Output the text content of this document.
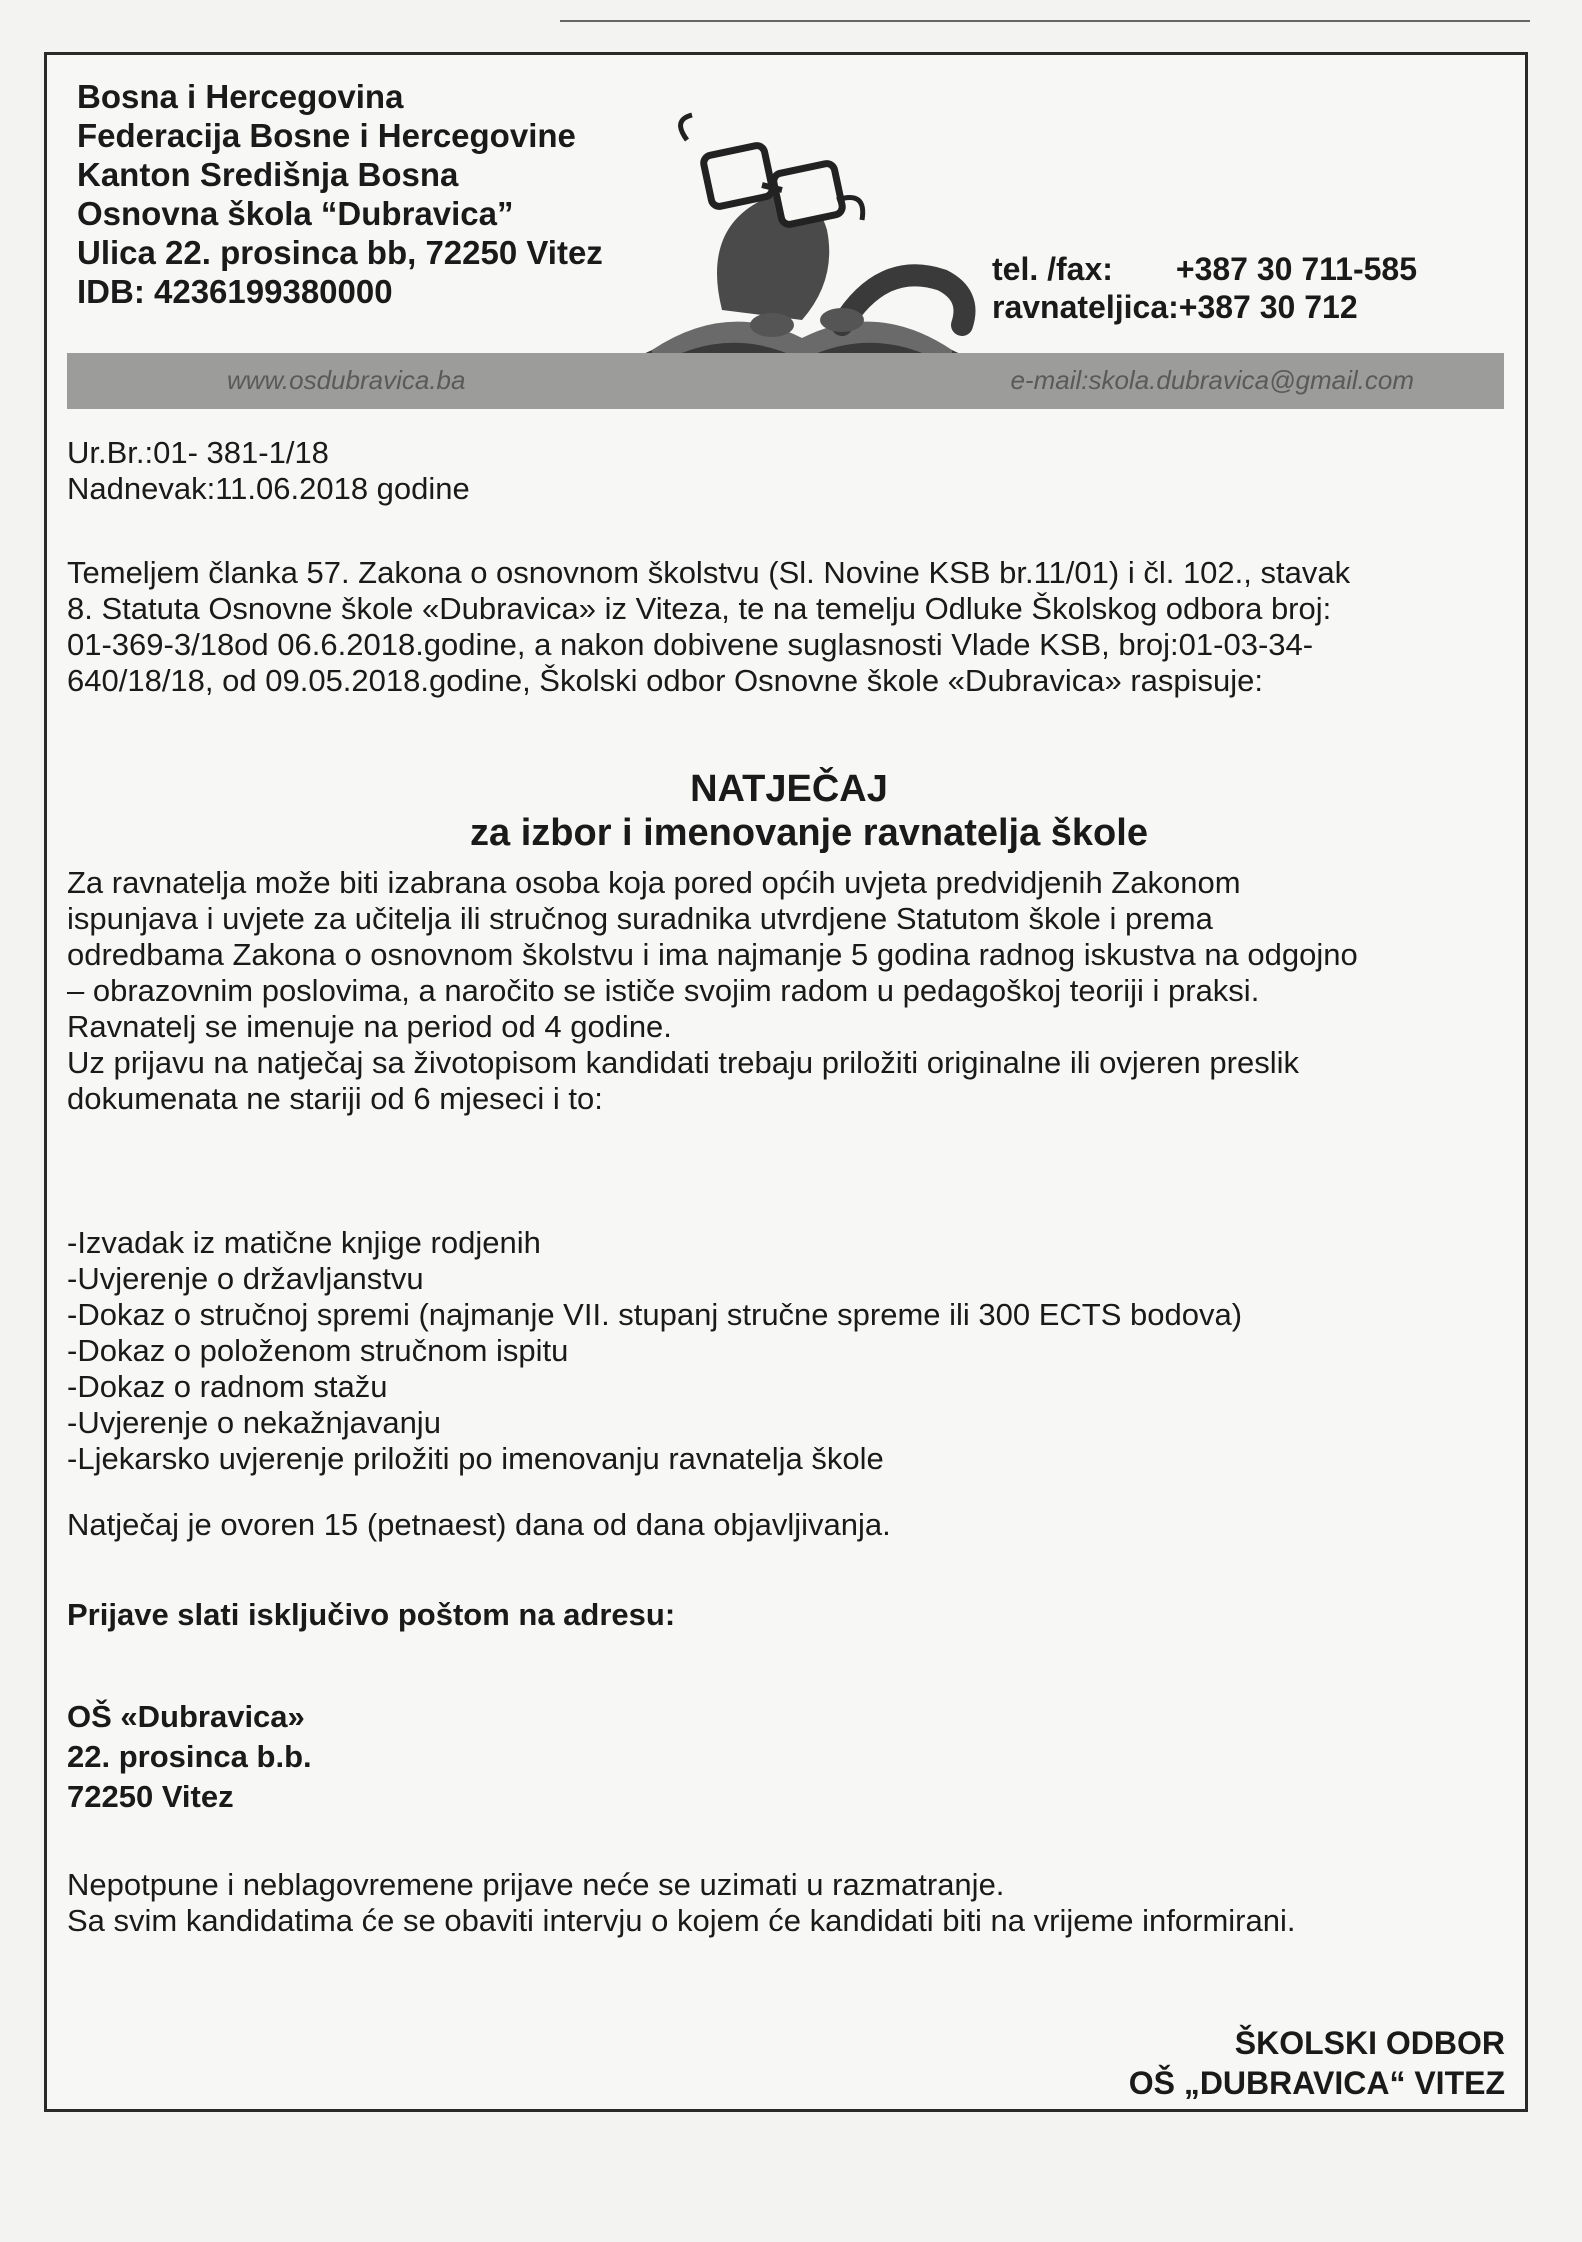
Bosna i Hercegovina
Federacija Bosne i Hercegovine
Kanton Središnja Bosna
Osnovna škola “Dubravica”
Ulica 22. prosinca bb, 72250 Vitez
IDB: 4236199380000
tel. /fax: +387 30 711-585
ravnateljica:+387 30 712
www.osdubravica.ba	e-mail:skola.dubravica@gmail.com
Ur.Br.:01- 381-1/18
Nadnevak:11.06.2018 godine
Temeljem članka 57. Zakona o osnovnom školstvu (Sl. Novine KSB br.11/01) i čl. 102., stavak
8. Statuta Osnovne škole «Dubravica» iz Viteza, te na temelju Odluke Školskog odbora broj:
01-369-3/18od 06.6.2018.godine, a nakon dobivene suglasnosti Vlade KSB, broj:01-03-34-
640/18/18, od 09.05.2018.godine, Školski odbor Osnovne škole «Dubravica» raspisuje:
NATJEČAJ
za izbor i imenovanje ravnatelja škole
Za ravnatelja može biti izabrana osoba koja pored općih uvjeta predvidjenih Zakonom
ispunjava i uvjete za učitelja ili stručnog suradnika utvrdjene Statutom škole i prema
odredbama Zakona o osnovnom školstvu i ima najmanje 5 godina radnog iskustva na odgojno
– obrazovnim poslovima, a naročito se ističe svojim radom u pedagoškoj teoriji i praksi.
Ravnatelj se imenuje na period od 4 godine.
Uz prijavu na natječaj sa životopisom kandidati trebaju priložiti originalne ili ovjeren preslik
dokumenata ne stariji od 6 mjeseci i to:
-Izvadak iz matične knjige rodjenih
-Uvjerenje o državljanstvu
-Dokaz o stručnoj spremi (najmanje VII. stupanj stručne spreme ili 300 ECTS bodova)
-Dokaz o položenom stručnom ispitu
-Dokaz o radnom stažu
-Uvjerenje o nekažnjavanju
-Ljekarsko uvjerenje priložiti po imenovanju ravnatelja škole
Natječaj je ovoren 15 (petnaest) dana od dana objavljivanja.
Prijave slati isključivo poštom na adresu:
OŠ «Dubravica»
22. prosinca b.b.
72250 Vitez
Nepotpune i neblagovremene prijave neće se uzimati u razmatranje.
Sa svim kandidatima će se obaviti intervju o kojem će kandidati biti na vrijeme informirani.
ŠKOLSKI ODBOR
OŠ „DUBRAVICA“ VITEZ
